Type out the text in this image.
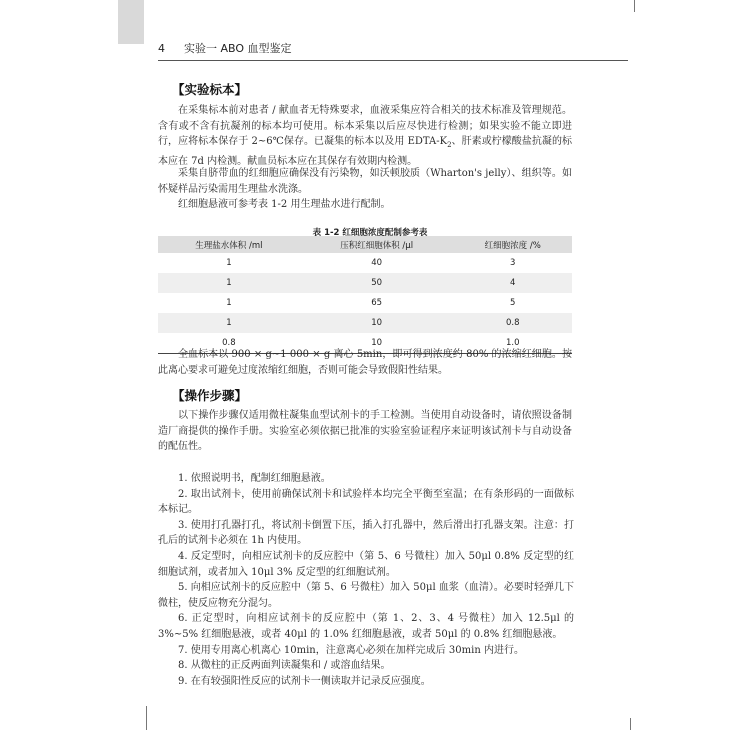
4 实验一 ABO 血型鉴定
【实验标本】

在采集标本前对患者 / 献血者无特殊要求，血液采集应符合相关的技术标准及管理规范。含有或不含有抗凝剂的标本均可使用。标本采集以后应尽快进行检测；如果实验不能立即进行，应将标本保存于 2~6℃保存。已凝集的标本以及用 EDTA-$K_2$、肝素或柠檬酸盐抗凝的标本应在 7d 内检测。献血员标本应在其保存有效期内检测。

采集自脐带血的红细胞应确保没有污染物，如沃顿胶质（Wharton's jelly）、组织等。如怀疑样品污染需用生理盐水洗涤。

红细胞悬液可参考表 1-2 用生理盐水进行配制。

表 1-2 红细胞浓度配制参考表
生理盐水体积 /ml	压积红细胞体积 /μl	红细胞浓度 /%
1	40	3
1	50	4
1	65	5
1	10	0.8
0.8	10	1.0

全血标本以 900 × g~1 000 × g 离心 5min，即可得到浓度约 80% 的浓缩红细胞。按此离心要求可避免过度浓缩红细胞，否则可能会导致假阳性结果。

【操作步骤】

以下操作步骤仅适用微柱凝集血型试剂卡的手工检测。当使用自动设备时，请依照设备制造厂商提供的操作手册。实验室必须依据已批准的实验室验证程序来证明该试剂卡与自动设备的配伍性。

1. 依照说明书，配制红细胞悬液。
2. 取出试剂卡，使用前确保试剂卡和试验样本均完全平衡至室温；在有条形码的一面做标本标记。
3. 使用打孔器打孔，将试剂卡倒置下压，插入打孔器中，然后滑出打孔器支架。注意：打孔后的试剂卡必须在 1h 内使用。
4. 反定型时，向相应试剂卡的反应腔中（第 5、6 号微柱）加入 50μl 0.8% 反定型的红细胞试剂，或者加入 10μl 3% 反定型的红细胞试剂。
5. 向相应试剂卡的反应腔中（第 5、6 号微柱）加入 50μl 血浆（血清）。必要时轻弹几下微柱，使反应物充分混匀。
6. 正定型时，向相应试剂卡的反应腔中（第 1、2、3、4 号微柱）加入 12.5μl 的 3%~5% 红细胞悬液，或者 40μl 的 1.0% 红细胞悬液，或者 50μl 的 0.8% 红细胞悬液。
7. 使用专用离心机离心 10min，注意离心必须在加样完成后 30min 内进行。
8. 从微柱的正反两面判读凝集和 / 或溶血结果。
9. 在有较强阳性反应的试剂卡一侧读取并记录反应强度。
